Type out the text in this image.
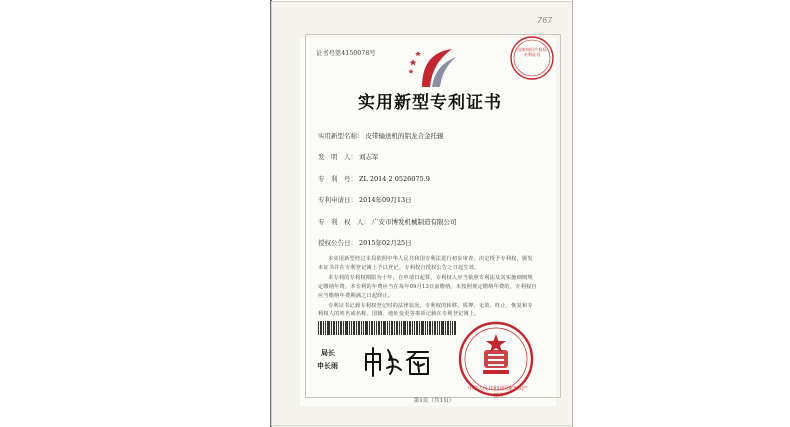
767
证书号第4150078号
国家知识产权局专利证书
实用新型专利证书
实用新型名称： 皮带输送机的铝龙合金托辊
发　明　人： 刘志军
专　利　号： ZL 2014 2 0526075.9
专利申请日： 2014年09月13日
专　利　权　人： 广安市博发机械制造有限公司
授权公告日： 2015年02月25日

本实用新型经过本局依照中华人民共和国专利法进行初步审查，决定授予专利权，颁发本证书并在专利登记簿上予以登记。专利权自授权公告之日起生效。

本专利的专利权期限为十年，自申请日起算。专利权人应当依照专利法及其实施细则规定缴纳年费。本专利的年费应当在每年09月13日前缴纳。未按照规定缴纳年费的，专利权自应当缴纳年费期满之日起终止。

专利证书记载专利权登记时的法律状况。专利权的转移、质押、无效、终止、恢复和专利权人的姓名或名称、国籍、地址变更等事项记载在专利登记簿上。

局长
申长雨
中华人民共和国国家知识产权局
第1页（共1页）
